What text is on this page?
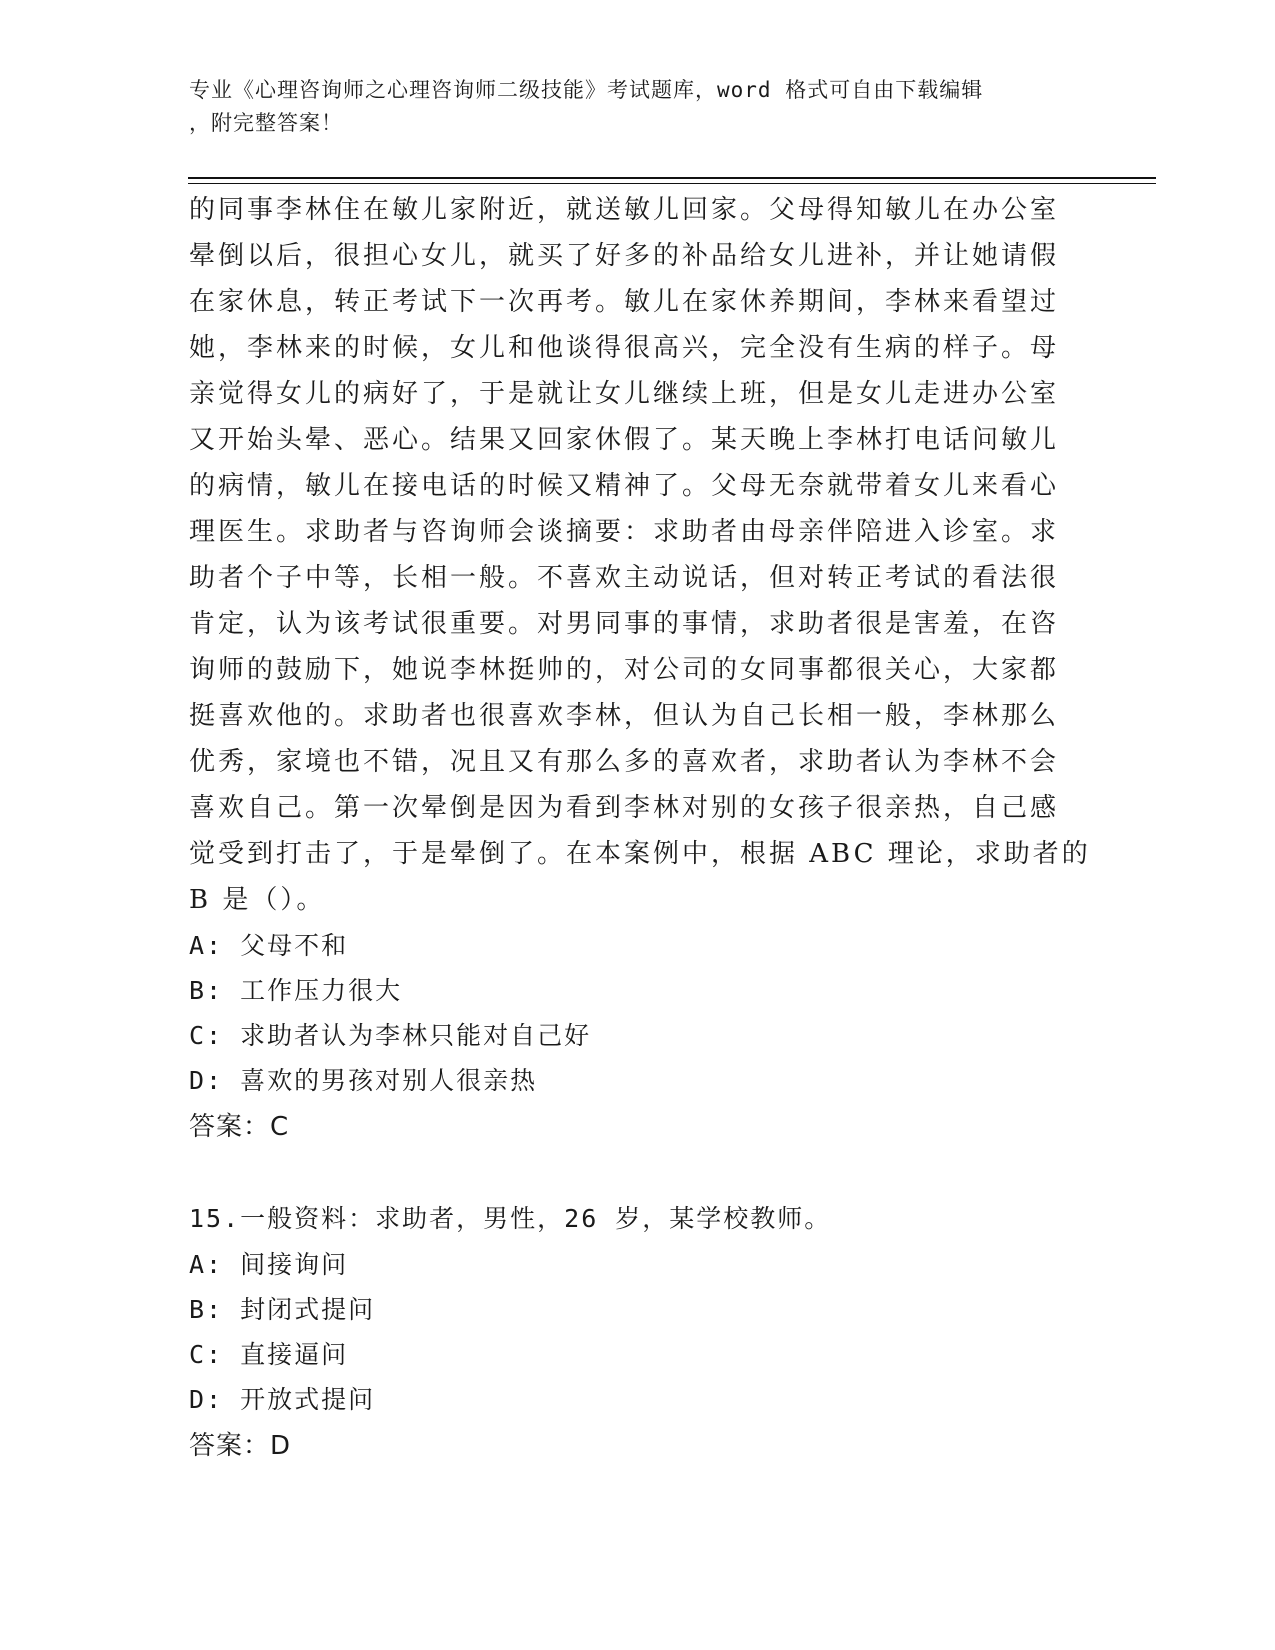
专业《心理咨询师之心理咨询师二级技能》考试题库，word 格式可自由下载编辑
，附完整答案！
的同事李林住在敏儿家附近，就送敏儿回家。父母得知敏儿在办公室
晕倒以后，很担心女儿，就买了好多的补品给女儿进补，并让她请假
在家休息，转正考试下一次再考。敏儿在家休养期间，李林来看望过
她，李林来的时候，女儿和他谈得很高兴，完全没有生病的样子。母
亲觉得女儿的病好了，于是就让女儿继续上班，但是女儿走进办公室
又开始头晕、恶心。结果又回家休假了。某天晚上李林打电话问敏儿
的病情，敏儿在接电话的时候又精神了。父母无奈就带着女儿来看心
理医生。求助者与咨询师会谈摘要：求助者由母亲伴陪进入诊室。求
助者个子中等，长相一般。不喜欢主动说话，但对转正考试的看法很
肯定，认为该考试很重要。对男同事的事情，求助者很是害羞，在咨
询师的鼓励下，她说李林挺帅的，对公司的女同事都很关心，大家都
挺喜欢他的。求助者也很喜欢李林，但认为自己长相一般，李林那么
优秀，家境也不错，况且又有那么多的喜欢者，求助者认为李林不会
喜欢自己。第一次晕倒是因为看到李林对别的女孩子很亲热，自己感
觉受到打击了，于是晕倒了。在本案例中，根据 ABC 理论，求助者的
B 是（）。
A: 父母不和
B: 工作压力很大
C: 求助者认为李林只能对自己好
D: 喜欢的男孩对别人很亲热
答案：C
15.一般资料：求助者，男性，26 岁，某学校教师。
A: 间接询问
B: 封闭式提问
C: 直接逼问
D: 开放式提问
答案：D
